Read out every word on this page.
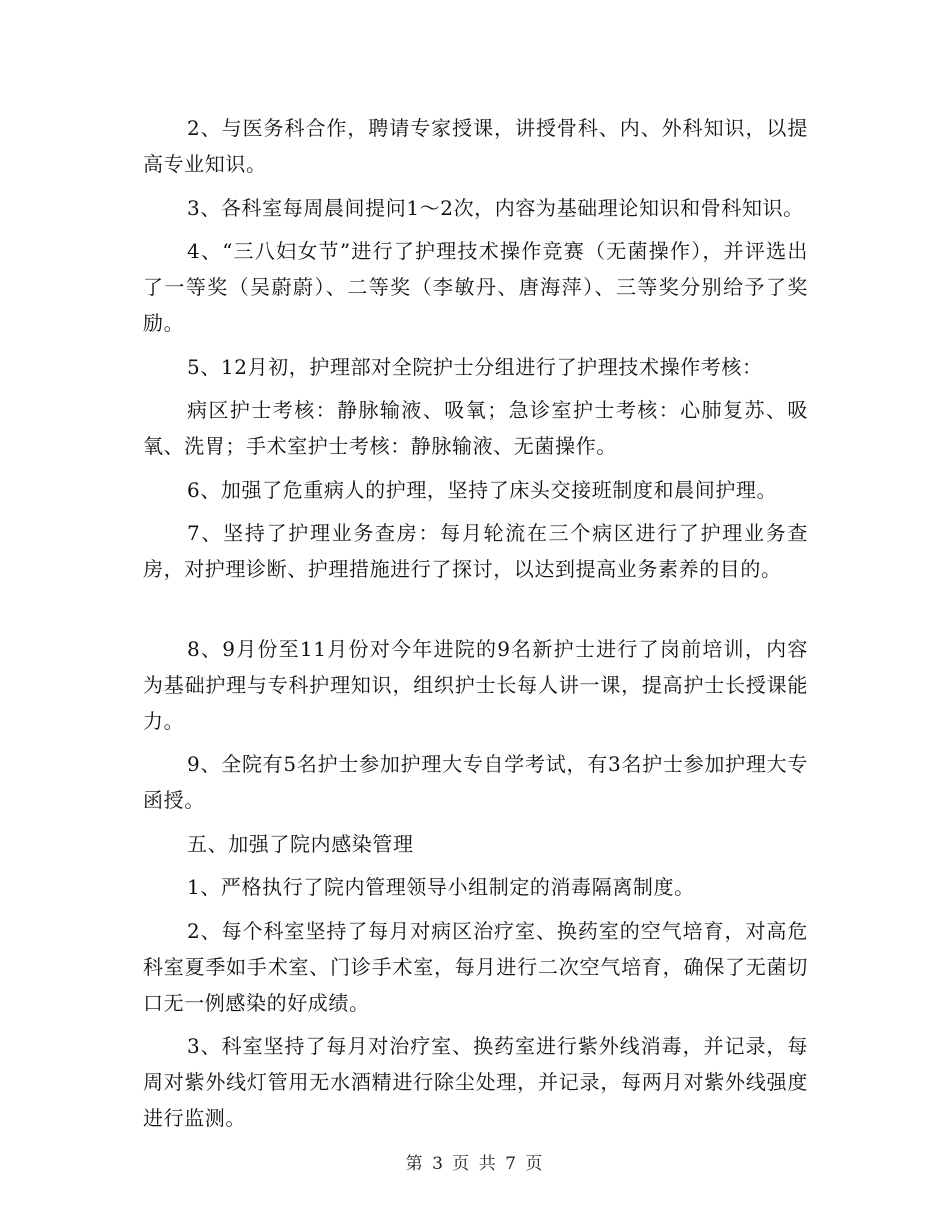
2、与医务科合作，聘请专家授课，讲授骨科、内、外科知识，以提高专业知识。

3、各科室每周晨间提问1～2次，内容为基础理论知识和骨科知识。

4、“三八妇女节”进行了护理技术操作竞赛（无菌操作），并评选出了一等奖（吴蔚蔚）、二等奖（李敏丹、唐海萍）、三等奖分别给予了奖励。

5、12月初，护理部对全院护士分组进行了护理技术操作考核：

病区护士考核：静脉输液、吸氧；急诊室护士考核：心肺复苏、吸氧、洗胃；手术室护士考核：静脉输液、无菌操作。

6、加强了危重病人的护理，坚持了床头交接班制度和晨间护理。

7、坚持了护理业务查房：每月轮流在三个病区进行了护理业务查房，对护理诊断、护理措施进行了探讨，以达到提高业务素养的目的。

8、9月份至11月份对今年进院的9名新护士进行了岗前培训，内容为基础护理与专科护理知识，组织护士长每人讲一课，提高护士长授课能力。

9、全院有5名护士参加护理大专自学考试，有3名护士参加护理大专函授。

五、加强了院内感染管理

1、严格执行了院内管理领导小组制定的消毒隔离制度。

2、每个科室坚持了每月对病区治疗室、换药室的空气培育，对高危科室夏季如手术室、门诊手术室，每月进行二次空气培育，确保了无菌切口无一例感染的好成绩。

3、科室坚持了每月对治疗室、换药室进行紫外线消毒，并记录，每周对紫外线灯管用无水酒精进行除尘处理，并记录，每两月对紫外线强度进行监测。

第 3 页 共 7 页
